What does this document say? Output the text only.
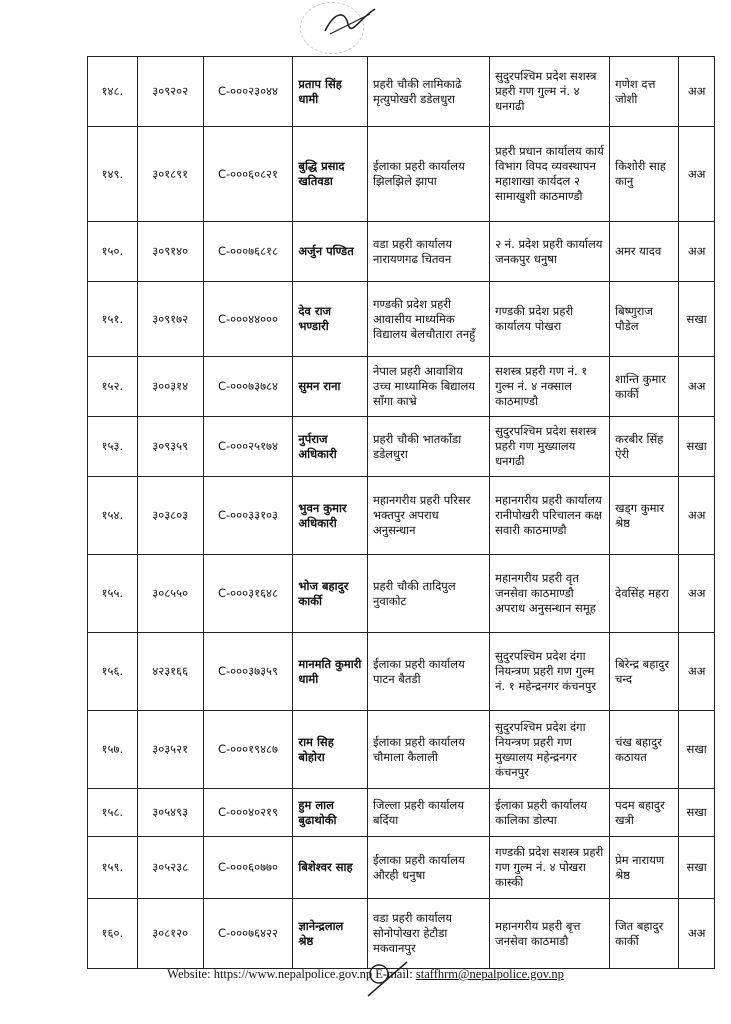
१४८.	३०९२०२	C-०००२३०४४	प्रताप सिंह धामी	प्रहरी चौकी लामिकाढे मृत्युपोखरी डडेलधुरा	सुदुरपश्चिम प्रदेश सशस्त्र प्रहरी गण गुल्म नं. ४ धनगढी	गणेश दत्त जोशी	अअ
१४९.	३०१८९१	C-०००६०८२१	बुद्धि प्रसाद खतिवडा	ईलाका प्रहरी कार्यालय झिलझिले झापा	प्रहरी प्रधान कार्यालय कार्य विभाग विपद व्यवस्थापन महाशाखा कार्यदल २ सामाखुशी काठमाण्डौ	किशोरी साह कानु	अअ
१५०.	३०९१४०	C-०००७६८१८	अर्जुन पण्डित	वडा प्रहरी कार्यालय नारायणगढ चितवन	२ नं. प्रदेश प्रहरी कार्यालय जनकपुर धनुषा	अमर यादव	अअ
१५१.	३०९१७२	C-०००४४०००	देव राज भण्डारी	गण्डकी प्रदेश प्रहरी आवासीय माध्यमिक विद्यालय बेलचौतारा तनहुँ	गण्डकी प्रदेश प्रहरी कार्यालय पोखरा	बिष्णुराज पौडेल	सखा
१५२.	३००३१४	C-०००७३७८४	सुमन राना	नेपाल प्रहरी आवाशिय उच्च माध्यामिक बिद्यालय साँगा काभ्रे	सशस्त्र प्रहरी गण नं. १ गुल्म नं. ४ नक्साल काठमाण्डौ	शान्ति कुमार कार्की	अअ
१५३.	३०९३५९	C-०००२५१७४	नुर्पराज अधिकारी	प्रहरी चौकी भातकाँडा डडेलधुरा	सुदुरपश्चिम प्रदेश सशस्त्र प्रहरी गण मुख्यालय धनगढी	करबीर सिंह ऐरी	सखा
१५४.	३०३८०३	C-०००३३१०३	भुवन कुमार अधिकारी	महानगरीय प्रहरी परिसर भक्तपुर अपराध अनुसन्धान	महानगरीय प्रहरी कार्यालय रानीपोखरी परिचालन कक्ष सवारी काठमाण्डौ	खड्ग कुमार श्रेष्ठ	अअ
१५५.	३०८५५०	C-०००३१६४८	भोज बहादुर कार्की	प्रहरी चौकी तादिपुल नुवाकोट	महानगरीय प्रहरी वृत जनसेवा काठमाण्डौ अपराध अनुसन्धान समूह	देवसिंह महरा	अअ
१५६.	४२३१६६	C-०००३७३५९	मानमति कुमारी धामी	ईलाका प्रहरी कार्यालय पाटन बैतडी	सुदुरपश्चिम प्रदेश दंगा नियन्त्रण प्रहरी गण गुल्म नं. १ महेन्द्रनगर कंचनपुर	बिरेन्द्र बहादुर चन्द	अअ
१५७.	३०३५२१	C-०००१९४८७	राम सिह बोहोरा	ईलाका प्रहरी कार्यालय चौमाला कैलाली	सुदुरपश्चिम प्रदेश दंगा नियन्त्रण प्रहरी गण मुख्यालय महेन्द्रनगर कंचनपुर	चंख बहादुर कठायत	सखा
१५८.	३०५४९३	C-०००४०२१९	हुम लाल बुढाथोकी	जिल्ला प्रहरी कार्यालय बर्दिया	ईलाका प्रहरी कार्यालय कालिका डोल्पा	पदम बहादुर खत्री	सखा
१५९.	३०५२३८	C-०००६०७७०	बिशेश्वर साह	ईलाका प्रहरी कार्यालय औरही धनुषा	गण्डकी प्रदेश सशस्त्र प्रहरी गण गुल्म नं. ४ पोखरा कास्की	प्रेम नारायण श्रेष्ठ	सखा
१६०.	३०८१२०	C-०००७६४२२	ज्ञानेन्द्रलाल श्रेष्ठ	वडा प्रहरी कार्यालय सोनोपोखरा हेटौडा मकवानपुर	महानगरीय प्रहरी बृत्त जनसेवा काठमाडौ	जित बहादुर कार्की	अअ
Website: https://www.nepalpolice.gov.np E-mail: staffhrm@nepalpolice.gov.np
